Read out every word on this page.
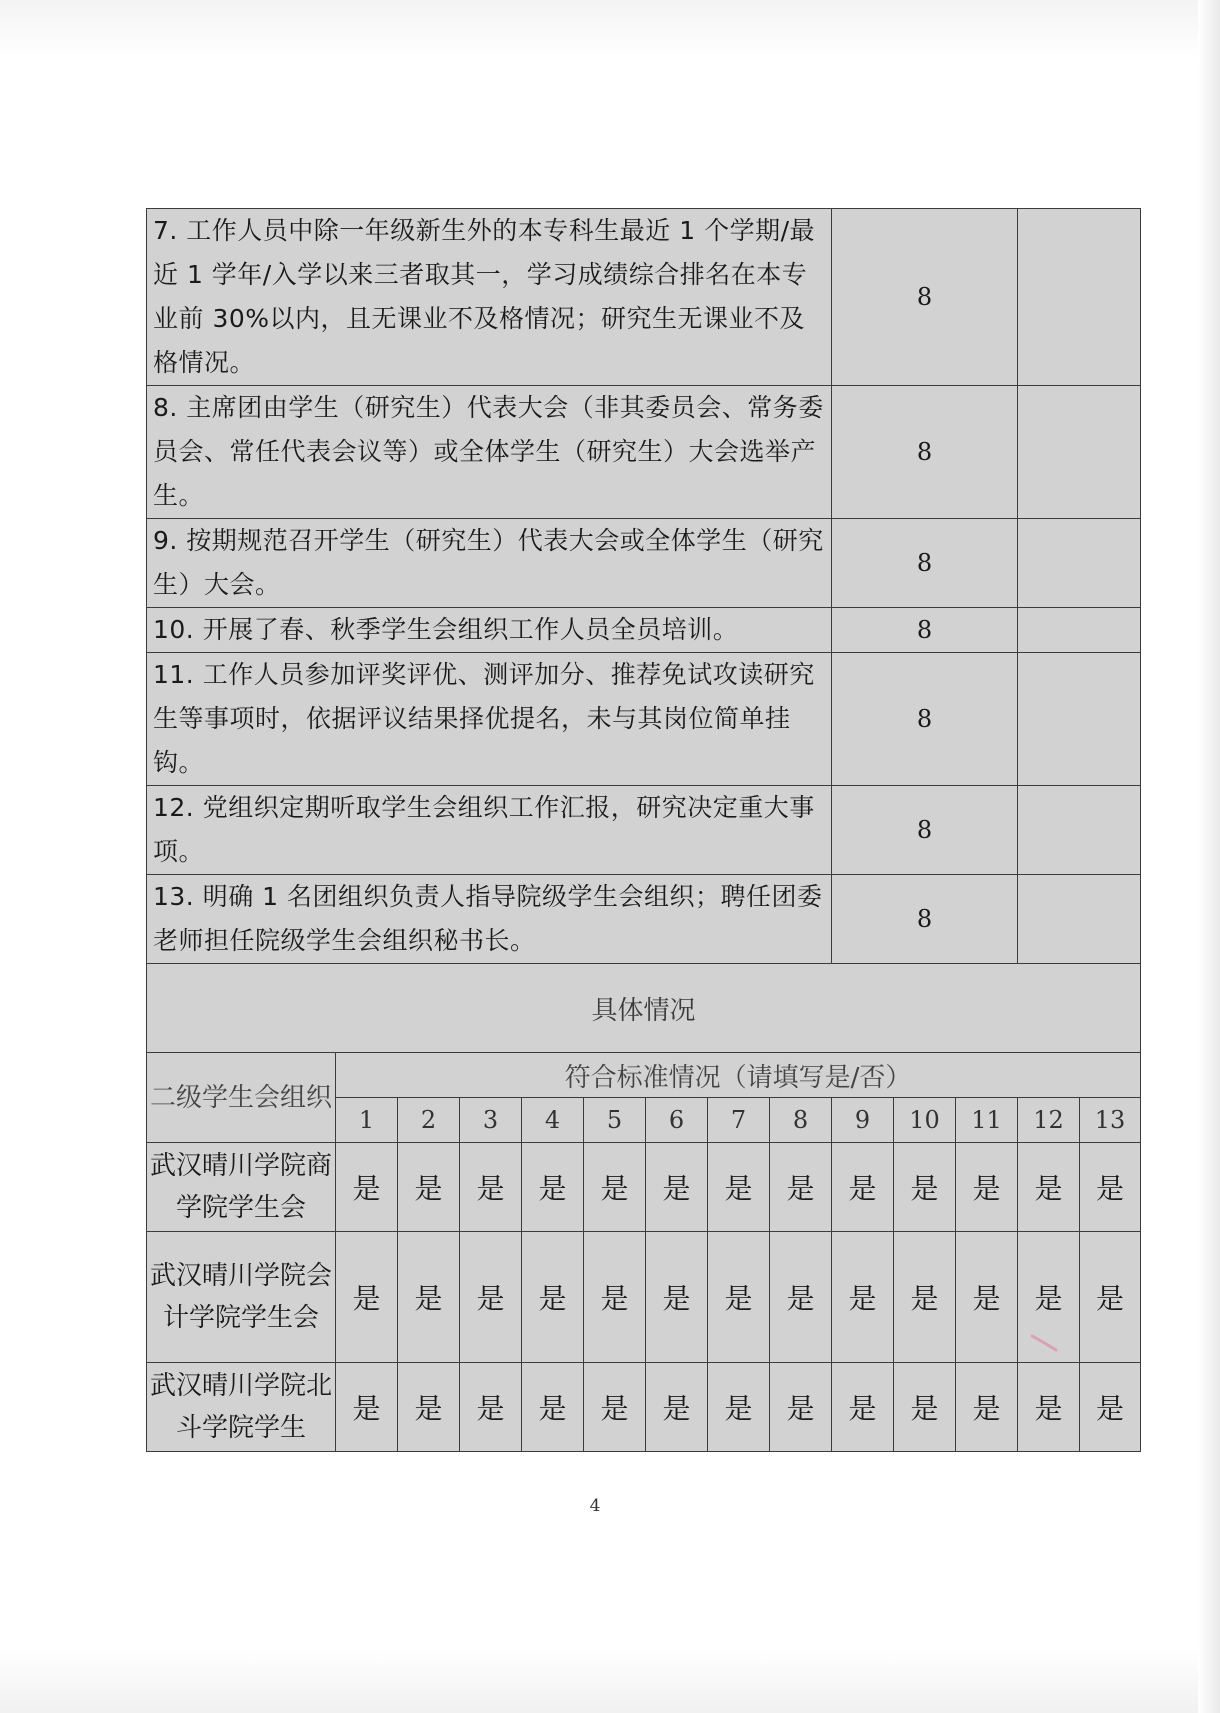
7. 工作人员中除一年级新生外的本专科生最近 1 个学期/最近 1 学年/入学以来三者取其一，学习成绩综合排名在本专业前 30%以内，且无课业不及格情况；研究生无课业不及格情况。									8				
8. 主席团由学生（研究生）代表大会（非其委员会、常务委员会、常任代表会议等）或全体学生（研究生）大会选举产生。									8				
9. 按期规范召开学生（研究生）代表大会或全体学生（研究生）大会。									8				
10. 开展了春、秋季学生会组织工作人员全员培训。									8				
11. 工作人员参加评奖评优、测评加分、推荐免试攻读研究生等事项时，依据评议结果择优提名，未与其岗位简单挂钩。									8				
12. 党组织定期听取学生会组织工作汇报，研究决定重大事项。									8				
13. 明确 1 名团组织负责人指导院级学生会组织；聘任团委老师担任院级学生会组织秘书长。									8				
具体情况													
二级学生会组织	符合标准情况（请填写是/否）												
	1	2	3	4	5	6	7	8	9	10	11	12	13
武汉晴川学院商学院学生会	是	是	是	是	是	是	是	是	是	是	是	是	是
武汉晴川学院会计学院学生会	是	是	是	是	是	是	是	是	是	是	是	是	是
武汉晴川学院北斗学院学生	是	是	是	是	是	是	是	是	是	是	是	是	是
4
